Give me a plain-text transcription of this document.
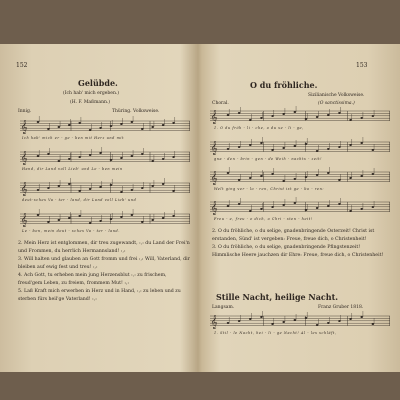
152
Gelübde.
(Ich hab' mich ergeben.)
(H. F. Maßmann.)
Innig.	Thüring. Volksweise.
𝄞
Ich hab' mich er - ge - ben mit Herz und mit
𝄞
Hand, dir Land voll Lieb' und Le - ben mein
𝄞
deut-sches Va - ter - land, dir Land voll Lieb' und
𝄞
Le - ben, mein deut - sches Va - ter - land.

2. Mein Herz ist entglommen, dir treu zugewandt, :,: du Land der Frei'n und Frommen, du herrlich Hermannsland! :,:

3. Will halten und glauben an Gott fromm und frei :,: Will, Vaterland, dir bleiben auf ewig fest und treu! :,:

4. Ach Gott, tu erheben mein jung Herzensblut :,: zu frischem, freud'gem Leben, zu freiem, frommem Mut! :,:

5. Laß Kraft mich erwerben in Herz und in Hand, :,: zu leben und zu sterben fürs heil'ge Vaterland! :,:

153
O du fröhliche.
Sizilianische Volksweise.
Choral.	(O sanctissima.)
𝄞
1. O du fröh - li - che, o du se - li - ge,
𝄞
gna - den - brin - gen - de Weih - nachts - zeit!
𝄞
Welt ging ver - lo - ren, Christ ist ge - bo - ren:
𝄞
Freu - e, freu - e dich, o Chri - sten - heit!

2. O du fröhliche, o du selige, gnadenbringende Osterzeit! Christ ist erstanden, Sünd' ist vergeben: Freue, freue dich, o Christenheit!

3. O du fröhliche, o du selige, gnadenbringende Pfingstenzeit! Himmlische Heere jauchzen dir Ehre: Freue, freue dich, o Christenheit!

Stille Nacht, heilige Nacht.
Langsam.	Franz Gruber 1818.
𝄞
1. Stil - le Nacht, hei - li - ge Nacht! Al - les schläft,
